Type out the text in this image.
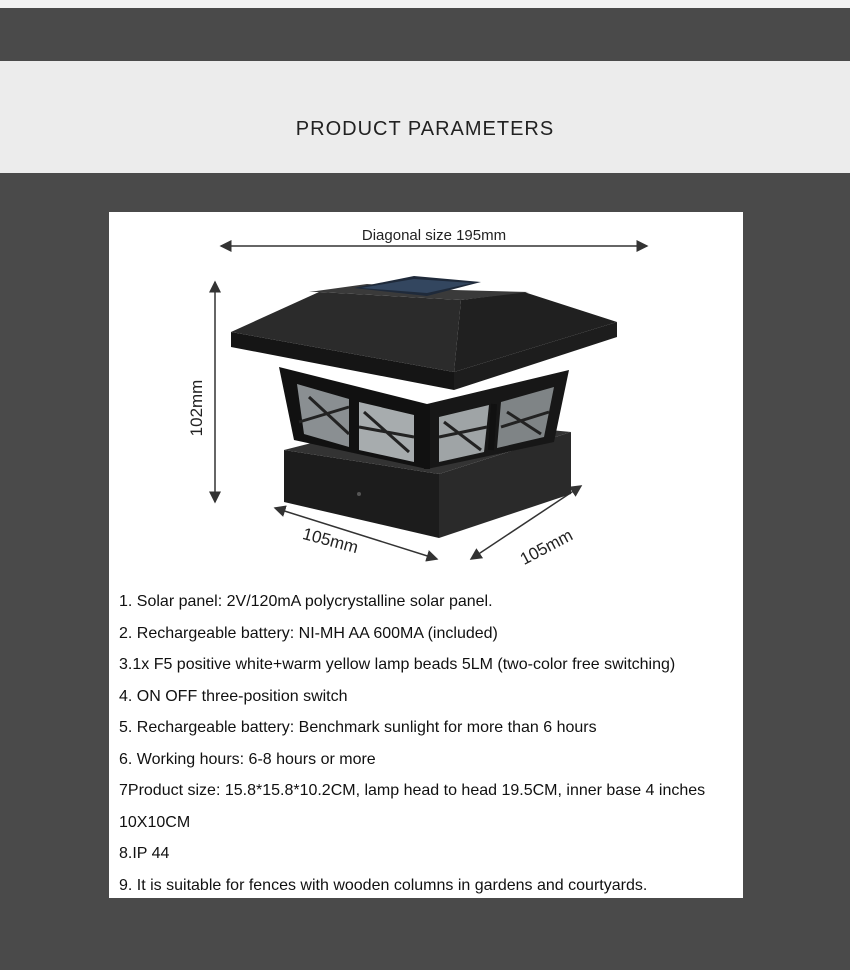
PRODUCT PARAMETERS
Diagonal size 195mm
102mm
105mm	105mm

1. Solar panel: 2V/120mA polycrystalline solar panel.

2. Rechargeable battery: NI-MH AA 600MA (included)

3.1x F5 positive white+warm yellow lamp beads 5LM (two-color free switching)

4. ON OFF three-position switch

5. Rechargeable battery: Benchmark sunlight for more than 6 hours

6. Working hours: 6-8 hours or more

7Product size: 15.8*15.8*10.2CM, lamp head to head 19.5CM, inner base 4 inches 10X10CM

8.IP 44

9. It is suitable for fences with wooden columns in gardens and courtyards.
